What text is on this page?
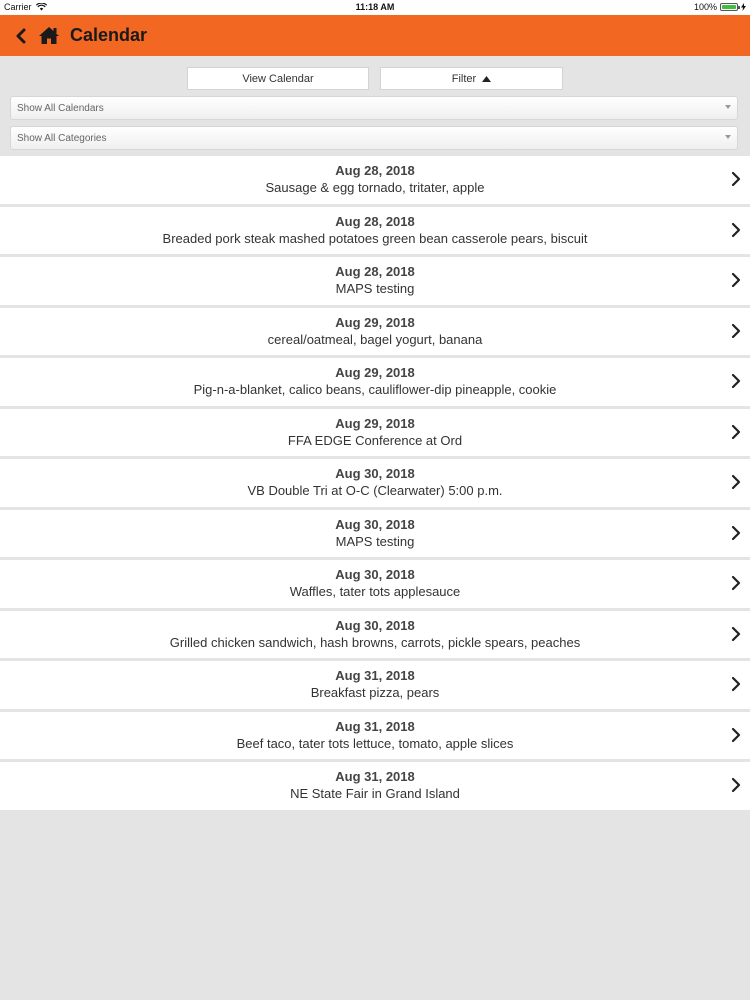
Carrier	11:18 AM	100%
Calendar
View Calendar	Filter
Show All Calendars
Show All Categories
Aug 28, 2018
Sausage & egg tornado, tritater, apple
Aug 28, 2018
Breaded pork steak mashed potatoes green bean casserole pears, biscuit
Aug 28, 2018
MAPS testing
Aug 29, 2018
cereal/oatmeal, bagel yogurt, banana
Aug 29, 2018
Pig-n-a-blanket, calico beans, cauliflower-dip pineapple, cookie
Aug 29, 2018
FFA EDGE Conference at Ord
Aug 30, 2018
VB Double Tri at O-C (Clearwater) 5:00 p.m.
Aug 30, 2018
MAPS testing
Aug 30, 2018
Waffles, tater tots applesauce
Aug 30, 2018
Grilled chicken sandwich, hash browns, carrots, pickle spears, peaches
Aug 31, 2018
Breakfast pizza, pears
Aug 31, 2018
Beef taco, tater tots lettuce, tomato, apple slices
Aug 31, 2018
NE State Fair in Grand Island
